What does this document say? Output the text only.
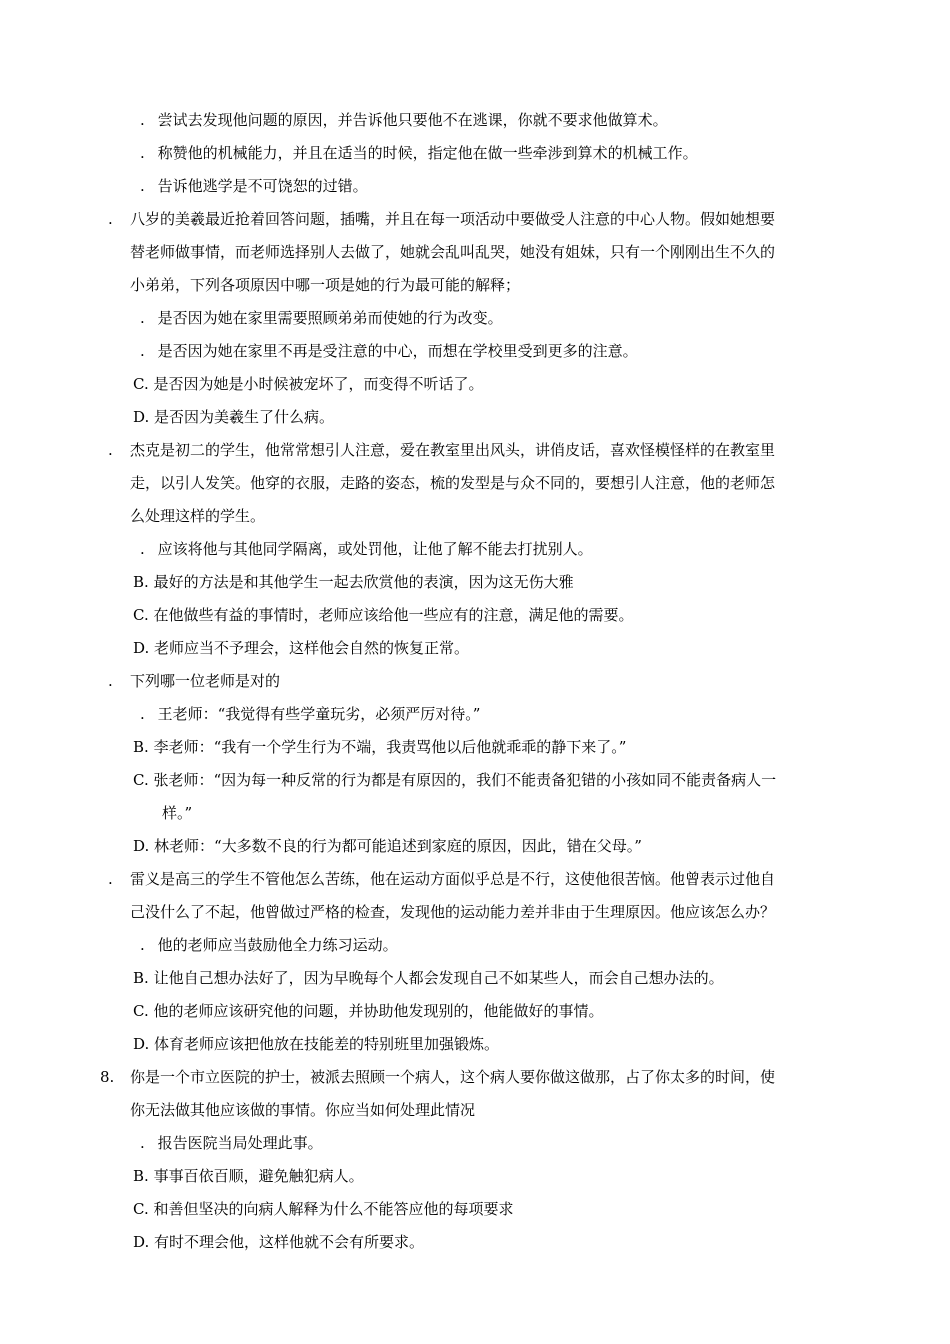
. 尝试去发现他问题的原因，并告诉他只要他不在逃课，你就不要求他做算术。
. 称赞他的机械能力，并且在适当的时候，指定他在做一些牵涉到算术的机械工作。
. 告诉他逃学是不可饶恕的过错。
. 八岁的美羲最近抢着回答问题，插嘴，并且在每一项活动中要做受人注意的中心人物。假如她想要
替老师做事情，而老师选择别人去做了，她就会乱叫乱哭，她没有姐妹，只有一个刚刚出生不久的
小弟弟，下列各项原因中哪一项是她的行为最可能的解释；
. 是否因为她在家里需要照顾弟弟而使她的行为改变。
. 是否因为她在家里不再是受注意的中心，而想在学校里受到更多的注意。
C. 是否因为她是小时候被宠坏了，而变得不听话了。
D. 是否因为美羲生了什么病。
. 杰克是初二的学生，他常常想引人注意，爱在教室里出风头，讲俏皮话，喜欢怪模怪样的在教室里
走，以引人发笑。他穿的衣服，走路的姿态，梳的发型是与众不同的，要想引人注意，他的老师怎
么处理这样的学生。
. 应该将他与其他同学隔离，或处罚他，让他了解不能去打扰别人。
B. 最好的方法是和其他学生一起去欣赏他的表演，因为这无伤大雅
C. 在他做些有益的事情时，老师应该给他一些应有的注意，满足他的需要。
D. 老师应当不予理会，这样他会自然的恢复正常。
. 下列哪一位老师是对的
. 王老师：“我觉得有些学童玩劣，必须严厉对待。”
B. 李老师：“我有一个学生行为不端，我责骂他以后他就乖乖的静下来了。”
C. 张老师：“因为每一种反常的行为都是有原因的，我们不能责备犯错的小孩如同不能责备病人一
样。”
D. 林老师：“大多数不良的行为都可能追述到家庭的原因，因此，错在父母。”
. 雷义是高三的学生不管他怎么苦练，他在运动方面似乎总是不行，这使他很苦恼。他曾表示过他自
己没什么了不起，他曾做过严格的检查，发现他的运动能力差并非由于生理原因。他应该怎么办？
. 他的老师应当鼓励他全力练习运动。
B. 让他自己想办法好了，因为早晚每个人都会发现自己不如某些人，而会自己想办法的。
C. 他的老师应该研究他的问题，并协助他发现别的，他能做好的事情。
D. 体育老师应该把他放在技能差的特别班里加强锻炼。
8. 你是一个市立医院的护士，被派去照顾一个病人，这个病人要你做这做那，占了你太多的时间，使
你无法做其他应该做的事情。你应当如何处理此情况
. 报告医院当局处理此事。
B. 事事百依百顺，避免触犯病人。
C. 和善但坚决的向病人解释为什么不能答应他的每项要求
D. 有时不理会他，这样他就不会有所要求。
